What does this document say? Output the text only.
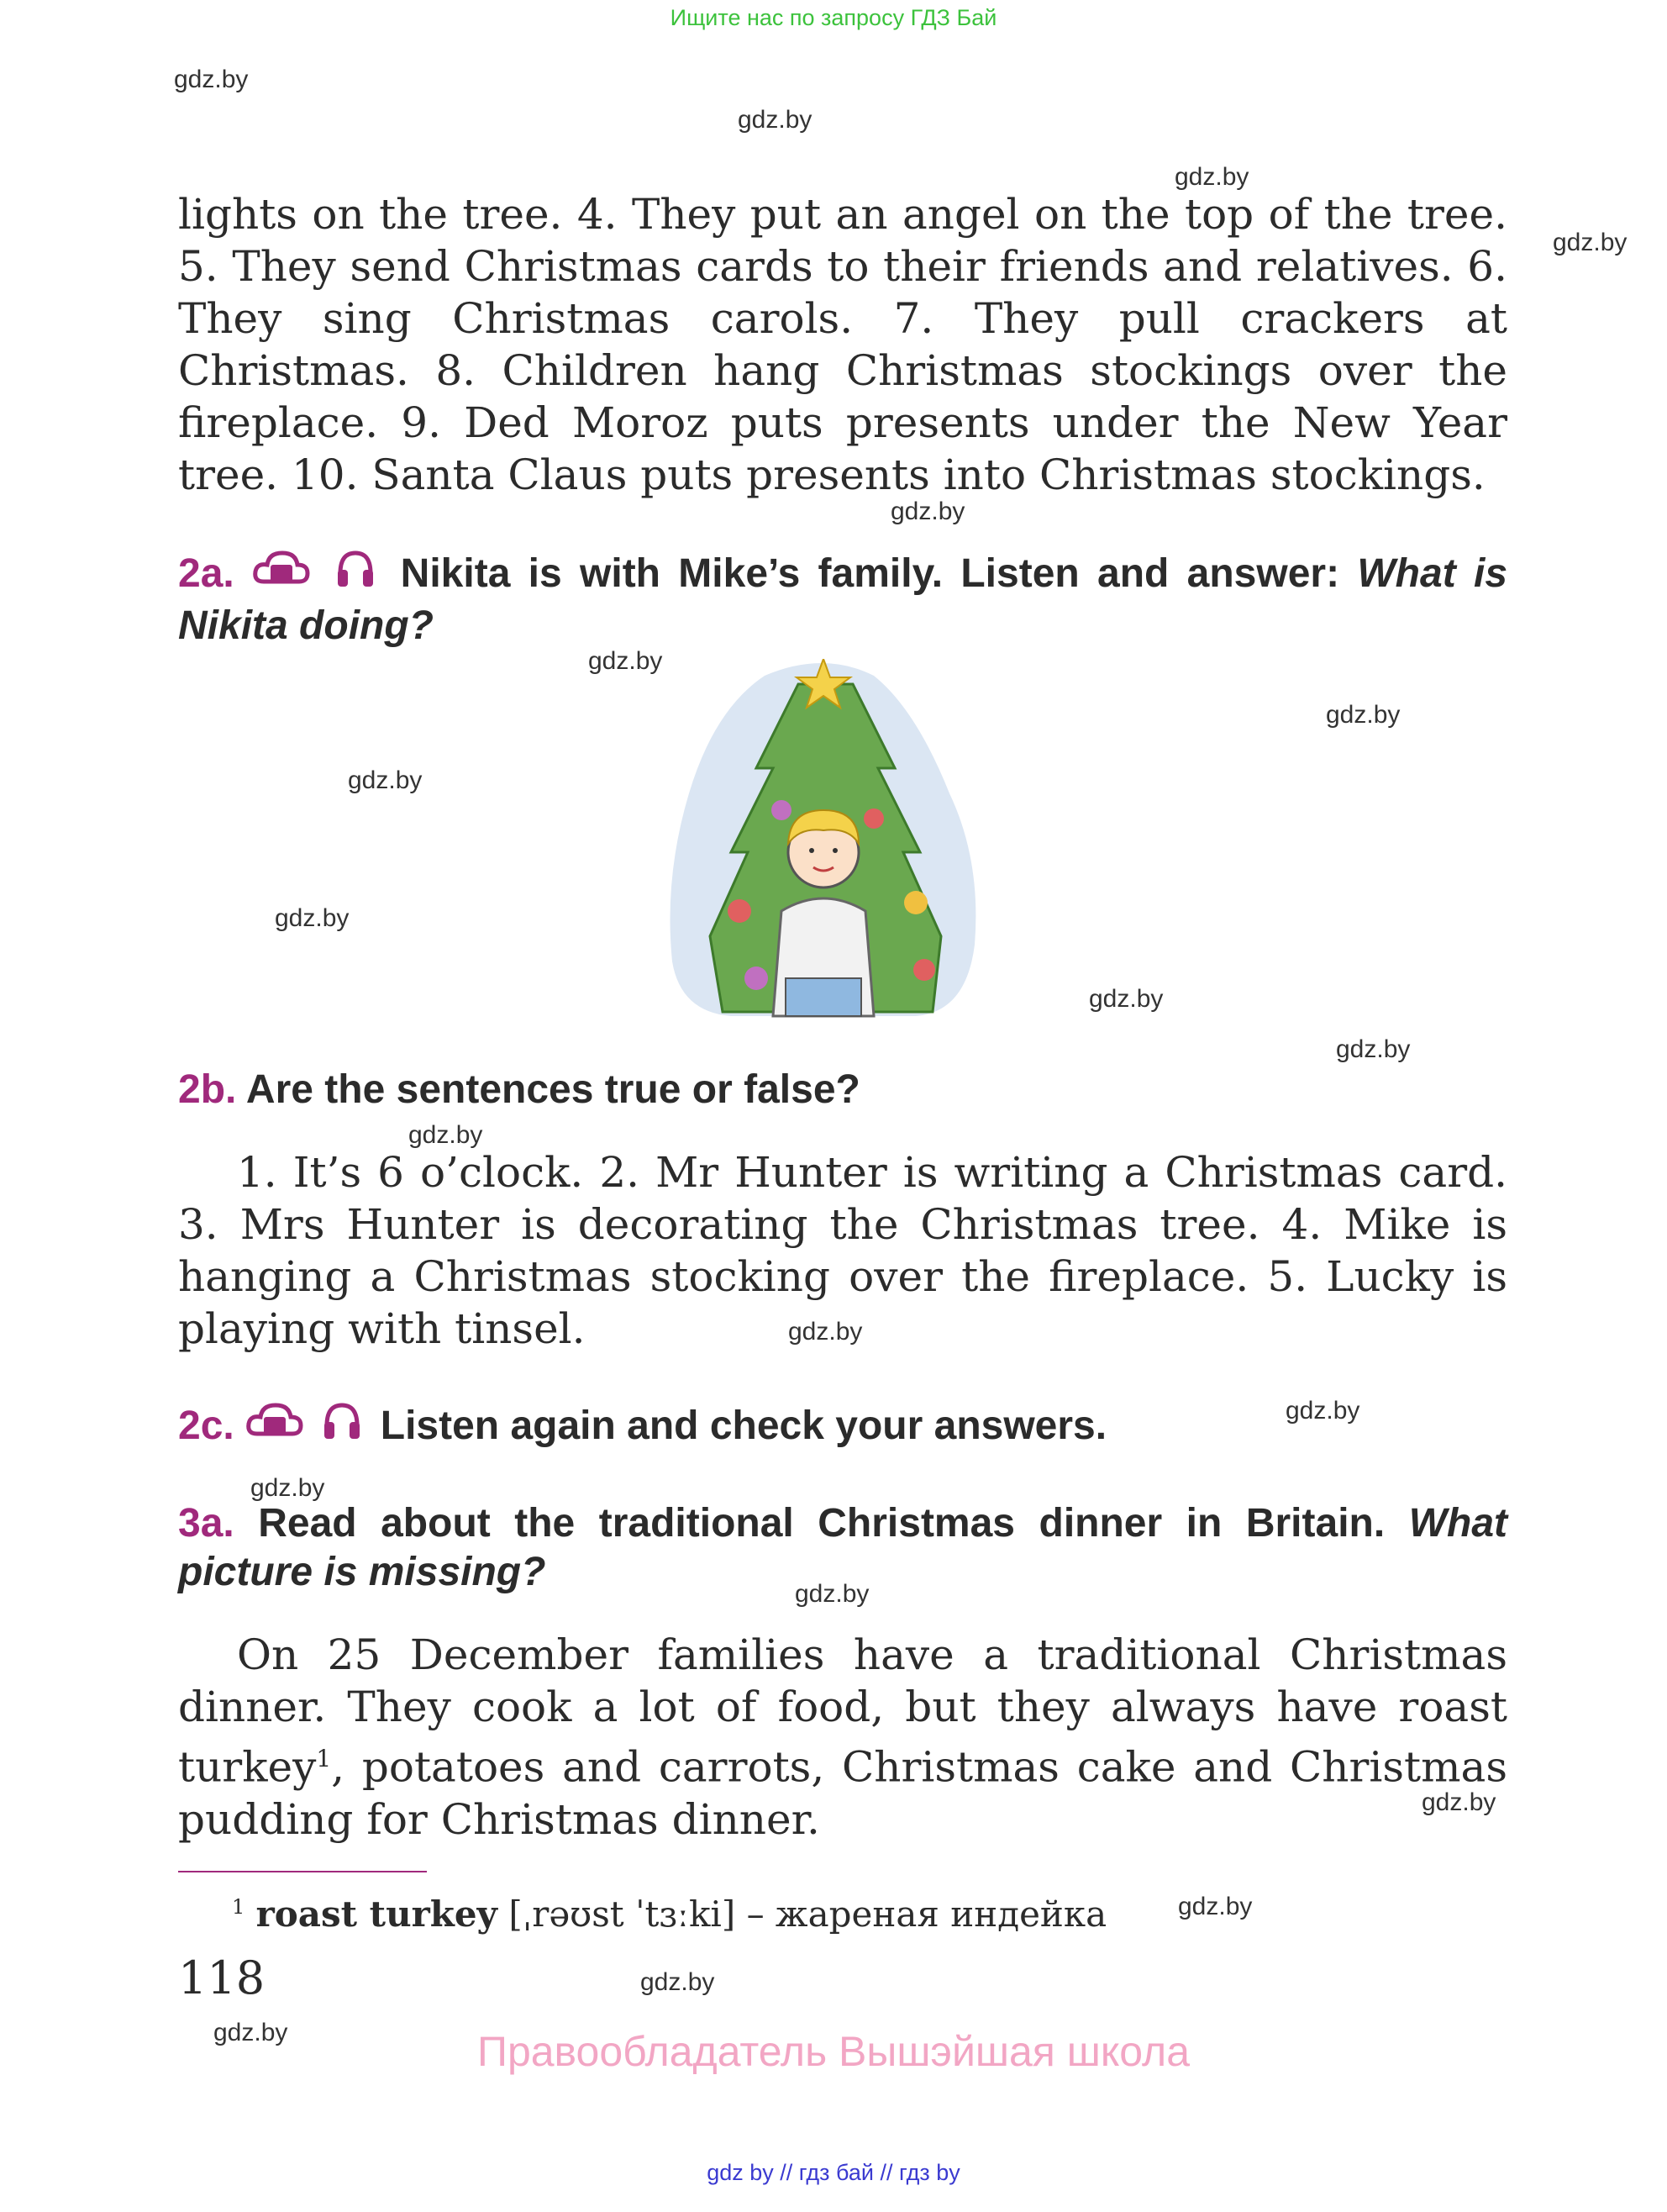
Ищите нас по запросу ГДЗ Бай
gdz.by
gdz.by
gdz.by
gdz.by
gdz.by
gdz.by
gdz.by
gdz.by
gdz.by
gdz.by
gdz.by
gdz.by
gdz.by
gdz.by
gdz.by
gdz.by
gdz.by
gdz.by
gdz.by
gdz.by
lights on the tree. 4. They put an angel on the top of the tree. 5. They send Christmas cards to their friends and relatives. 6. They sing Christmas carols. 7. They pull crackers at Christmas. 8. Children hang Christmas stockings over the fireplace. 9. Ded Moroz puts presents under the New Year tree. 10. Santa Claus puts presents into Christmas stockings.
2a.	Nikita is with Mike’s family. Listen and answer: What is Nikita doing?
2b. Are the sentences true or false?
1. It’s 6 o’clock. 2. Mr Hunter is writing a Christmas card. 3. Mrs Hunter is decorating the Christmas tree. 4. Mike is hanging a Christmas stocking over the fireplace. 5. Lucky is playing with tinsel.
2c.	Listen again and check your answers.
3a. Read about the traditional Christmas dinner in Britain. What picture is missing?
On 25 December families have a traditional Christmas dinner. They cook a lot of food, but they always have roast turkey$^1$, potatoes and carrots, Christmas cake and Christmas pudding for Christmas dinner.
$^1$ roast turkey [ˌrəʊst ˈtɜːki] – жареная индейка
118
Правообладатель Вышэйшая школа
gdz by // гдз бай // гдз by
